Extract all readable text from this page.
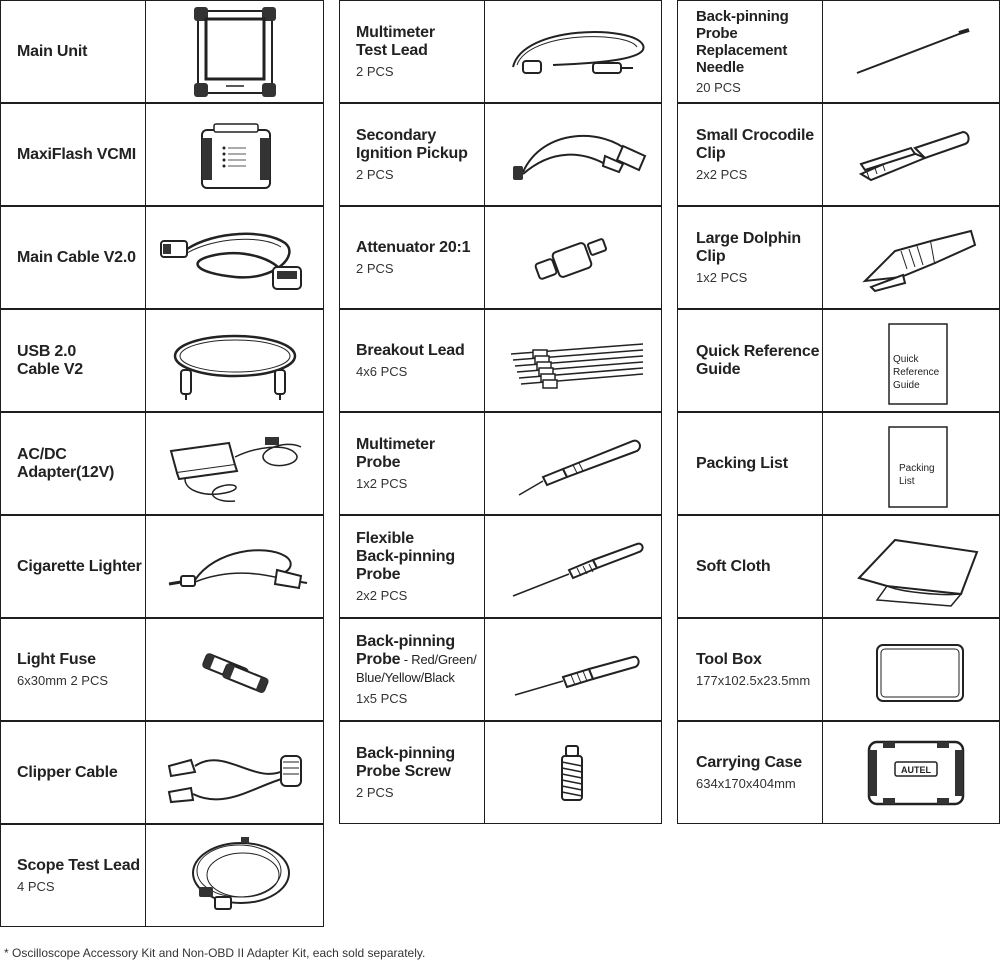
Main Unit
MaxiFlash VCMI
Main Cable V2.0
USB 2.0
Cable V2
AC/DC
Adapter(12V)
Cigarette Lighter
Light Fuse
6x30mm 2 PCS
Clipper Cable
Scope Test Lead
4 PCS
Multimeter
Test Lead
2 PCS
Secondary
Ignition Pickup
2 PCS
Attenuator 20:1
2 PCS
Breakout Lead
4x6 PCS
Multimeter
Probe
1x2 PCS
Flexible
Back-pinning
Probe
2x2 PCS
Back-pinning
Probe - Red/Green/
Blue/Yellow/Black
1x5 PCS
Back-pinning
Probe Screw
2 PCS
Back-pinning
Probe
Replacement
Needle
20 PCS
Small Crocodile
Clip
2x2 PCS
Large Dolphin
Clip
1x2 PCS
Quick Reference
Guide
Quick
Reference
Guide
Packing List	Packing
List
Soft Cloth
Tool Box
177x102.5x23.5mm
Carrying Case
634x170x404mm
AUTEL
* Oscilloscope Accessory Kit and Non-OBD II Adapter Kit, each sold separately.
